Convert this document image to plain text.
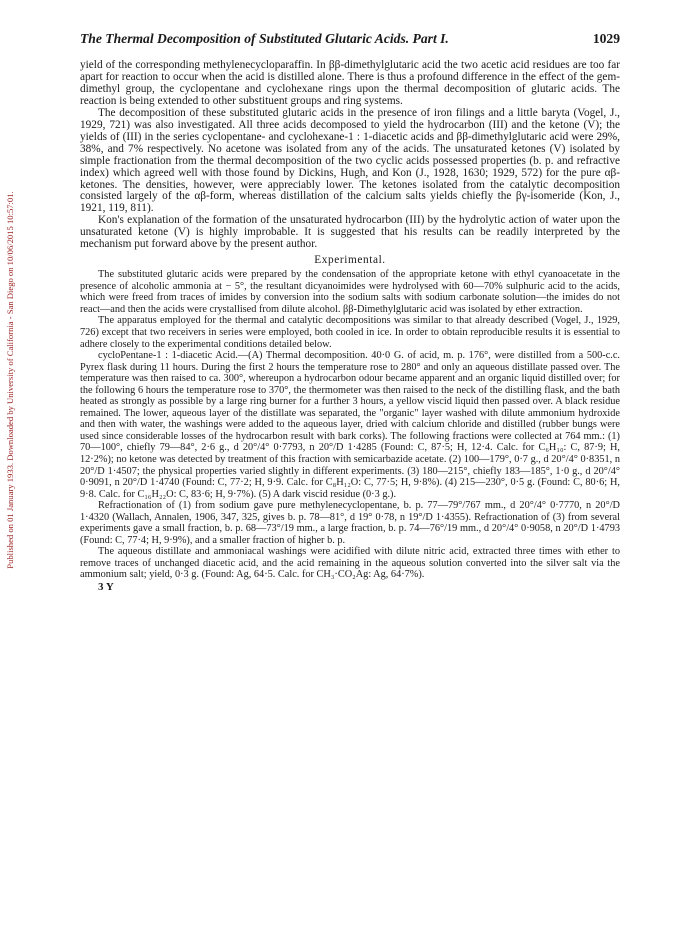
Published on 01 January 1933. Downloaded by University of California - San Diego on 10/06/2015 10:57:01.
The Thermal Decomposition of Substituted Glutaric Acids. Part I.	1029

yield of the corresponding methylenecycloparaffin. In ββ-dimethylglutaric acid the two acetic acid residues are too far apart for reaction to occur when the acid is distilled alone. There is thus a profound difference in the effect of the gem-dimethyl group, the cyclopentane and cyclohexane rings upon the thermal decomposition of glutaric acids. The reaction is being extended to other substituent groups and ring systems.

The decomposition of these substituted glutaric acids in the presence of iron filings and a little baryta (Vogel, J., 1929, 721) was also investigated. All three acids decomposed to yield the hydrocarbon (III) and the ketone (V); the yields of (III) in the series cyclopentane- and cyclohexane-1 : 1-diacetic acids and ββ-dimethylglutaric acid were 29%, 38%, and 7% respectively. No acetone was isolated from any of the acids. The unsaturated ketones (V) isolated by simple fractionation from the thermal decomposition of the two cyclic acids possessed properties (b. p. and refractive index) which agreed well with those found by Dickins, Hugh, and Kon (J., 1928, 1630; 1929, 572) for the pure αβ-ketones. The densities, however, were appreciably lower. The ketones isolated from the catalytic decomposition consisted largely of the αβ-form, whereas distillation of the calcium salts yields chiefly the βγ-isomeride (Kon, J., 1921, 119, 811).

Kon's explanation of the formation of the unsaturated hydrocarbon (III) by the hydrolytic action of water upon the unsaturated ketone (V) is highly improbable. It is suggested that his results can be readily interpreted by the mechanism put forward above by the present author.

Experimental.

The substituted glutaric acids were prepared by the condensation of the appropriate ketone with ethyl cyanoacetate in the presence of alcoholic ammonia at − 5°, the resultant dicyanoimides were hydrolysed with 60—70% sulphuric acid to the acids, which were freed from traces of imides by conversion into the sodium salts with sodium carbonate solution—the imides do not react—and then the acids were crystallised from dilute alcohol. ββ-Dimethylglutaric acid was isolated by ether extraction.

The apparatus employed for the thermal and catalytic decompositions was similar to that already described (Vogel, J., 1929, 726) except that two receivers in series were employed, both cooled in ice. In order to obtain reproducible results it is essential to adhere closely to the experimental conditions detailed below.

cycloPentane-1 : 1-diacetic Acid.—(A) Thermal decomposition. 40·0 G. of acid, m. p. 176°, were distilled from a 500-c.c. Pyrex flask during 11 hours. During the first 2 hours the temperature rose to 280° and only an aqueous distillate passed over. The temperature was then raised to ca. 300°, whereupon a hydrocarbon odour became apparent and an organic liquid distilled over; for the following 6 hours the temperature rose to 370°, the thermometer was then raised to the neck of the distilling flask, and the bath heated as strongly as possible by a large ring burner for a further 3 hours, a yellow viscid liquid then passed over. A black residue remained. The lower, aqueous layer of the distillate was separated, the "organic" layer washed with dilute ammonium hydroxide and then with water, the washings were added to the aqueous layer, dried with calcium chloride and distilled (rubber bungs were used since considerable losses of the hydrocarbon result with bark corks). The following fractions were collected at 764 mm.: (1) 70—100°, chiefly 79—84°, 2·6 g., d 20°/4° 0·7793, n 20°/D 1·4285 (Found: C, 87·5; H, 12·4. Calc. for C₆H₁₀: C, 87·9; H, 12·2%); no ketone was detected by treatment of this fraction with semicarbazide acetate. (2) 100—179°, 0·7 g., d 20°/4° 0·8351, n 20°/D 1·4507; the physical properties varied slightly in different experiments. (3) 180—215°, chiefly 183—185°, 1·0 g., d 20°/4° 0·9091, n 20°/D 1·4740 (Found: C, 77·2; H, 9·9. Calc. for C₈H₁₂O: C, 77·5; H, 9·8%). (4) 215—230°, 0·5 g. (Found: C, 80·6; H, 9·8. Calc. for C₁₆H₂₂O: C, 83·6; H, 9·7%). (5) A dark viscid residue (0·3 g.).

Refractionation of (1) from sodium gave pure methylenecyclopentane, b. p. 77—79°/767 mm., d 20°/4° 0·7770, n 20°/D 1·4320 (Wallach, Annalen, 1906, 347, 325, gives b. p. 78—81°, d 19° 0·78, n 19°/D 1·4355). Refractionation of (3) from several experiments gave a small fraction, b. p. 68—73°/19 mm., a large fraction, b. p. 74—76°/19 mm., d 20°/4° 0·9058, n 20°/D 1·4793 (Found: C, 77·4; H, 9·9%), and a smaller fraction of higher b. p.

The aqueous distillate and ammoniacal washings were acidified with dilute nitric acid, extracted three times with ether to remove traces of unchanged diacetic acid, and the acid remaining in the aqueous solution converted into the silver salt via the ammonium salt; yield, 0·3 g. (Found: Ag, 64·5. Calc. for CH₃·CO₂Ag: Ag, 64·7%).

3 Y
